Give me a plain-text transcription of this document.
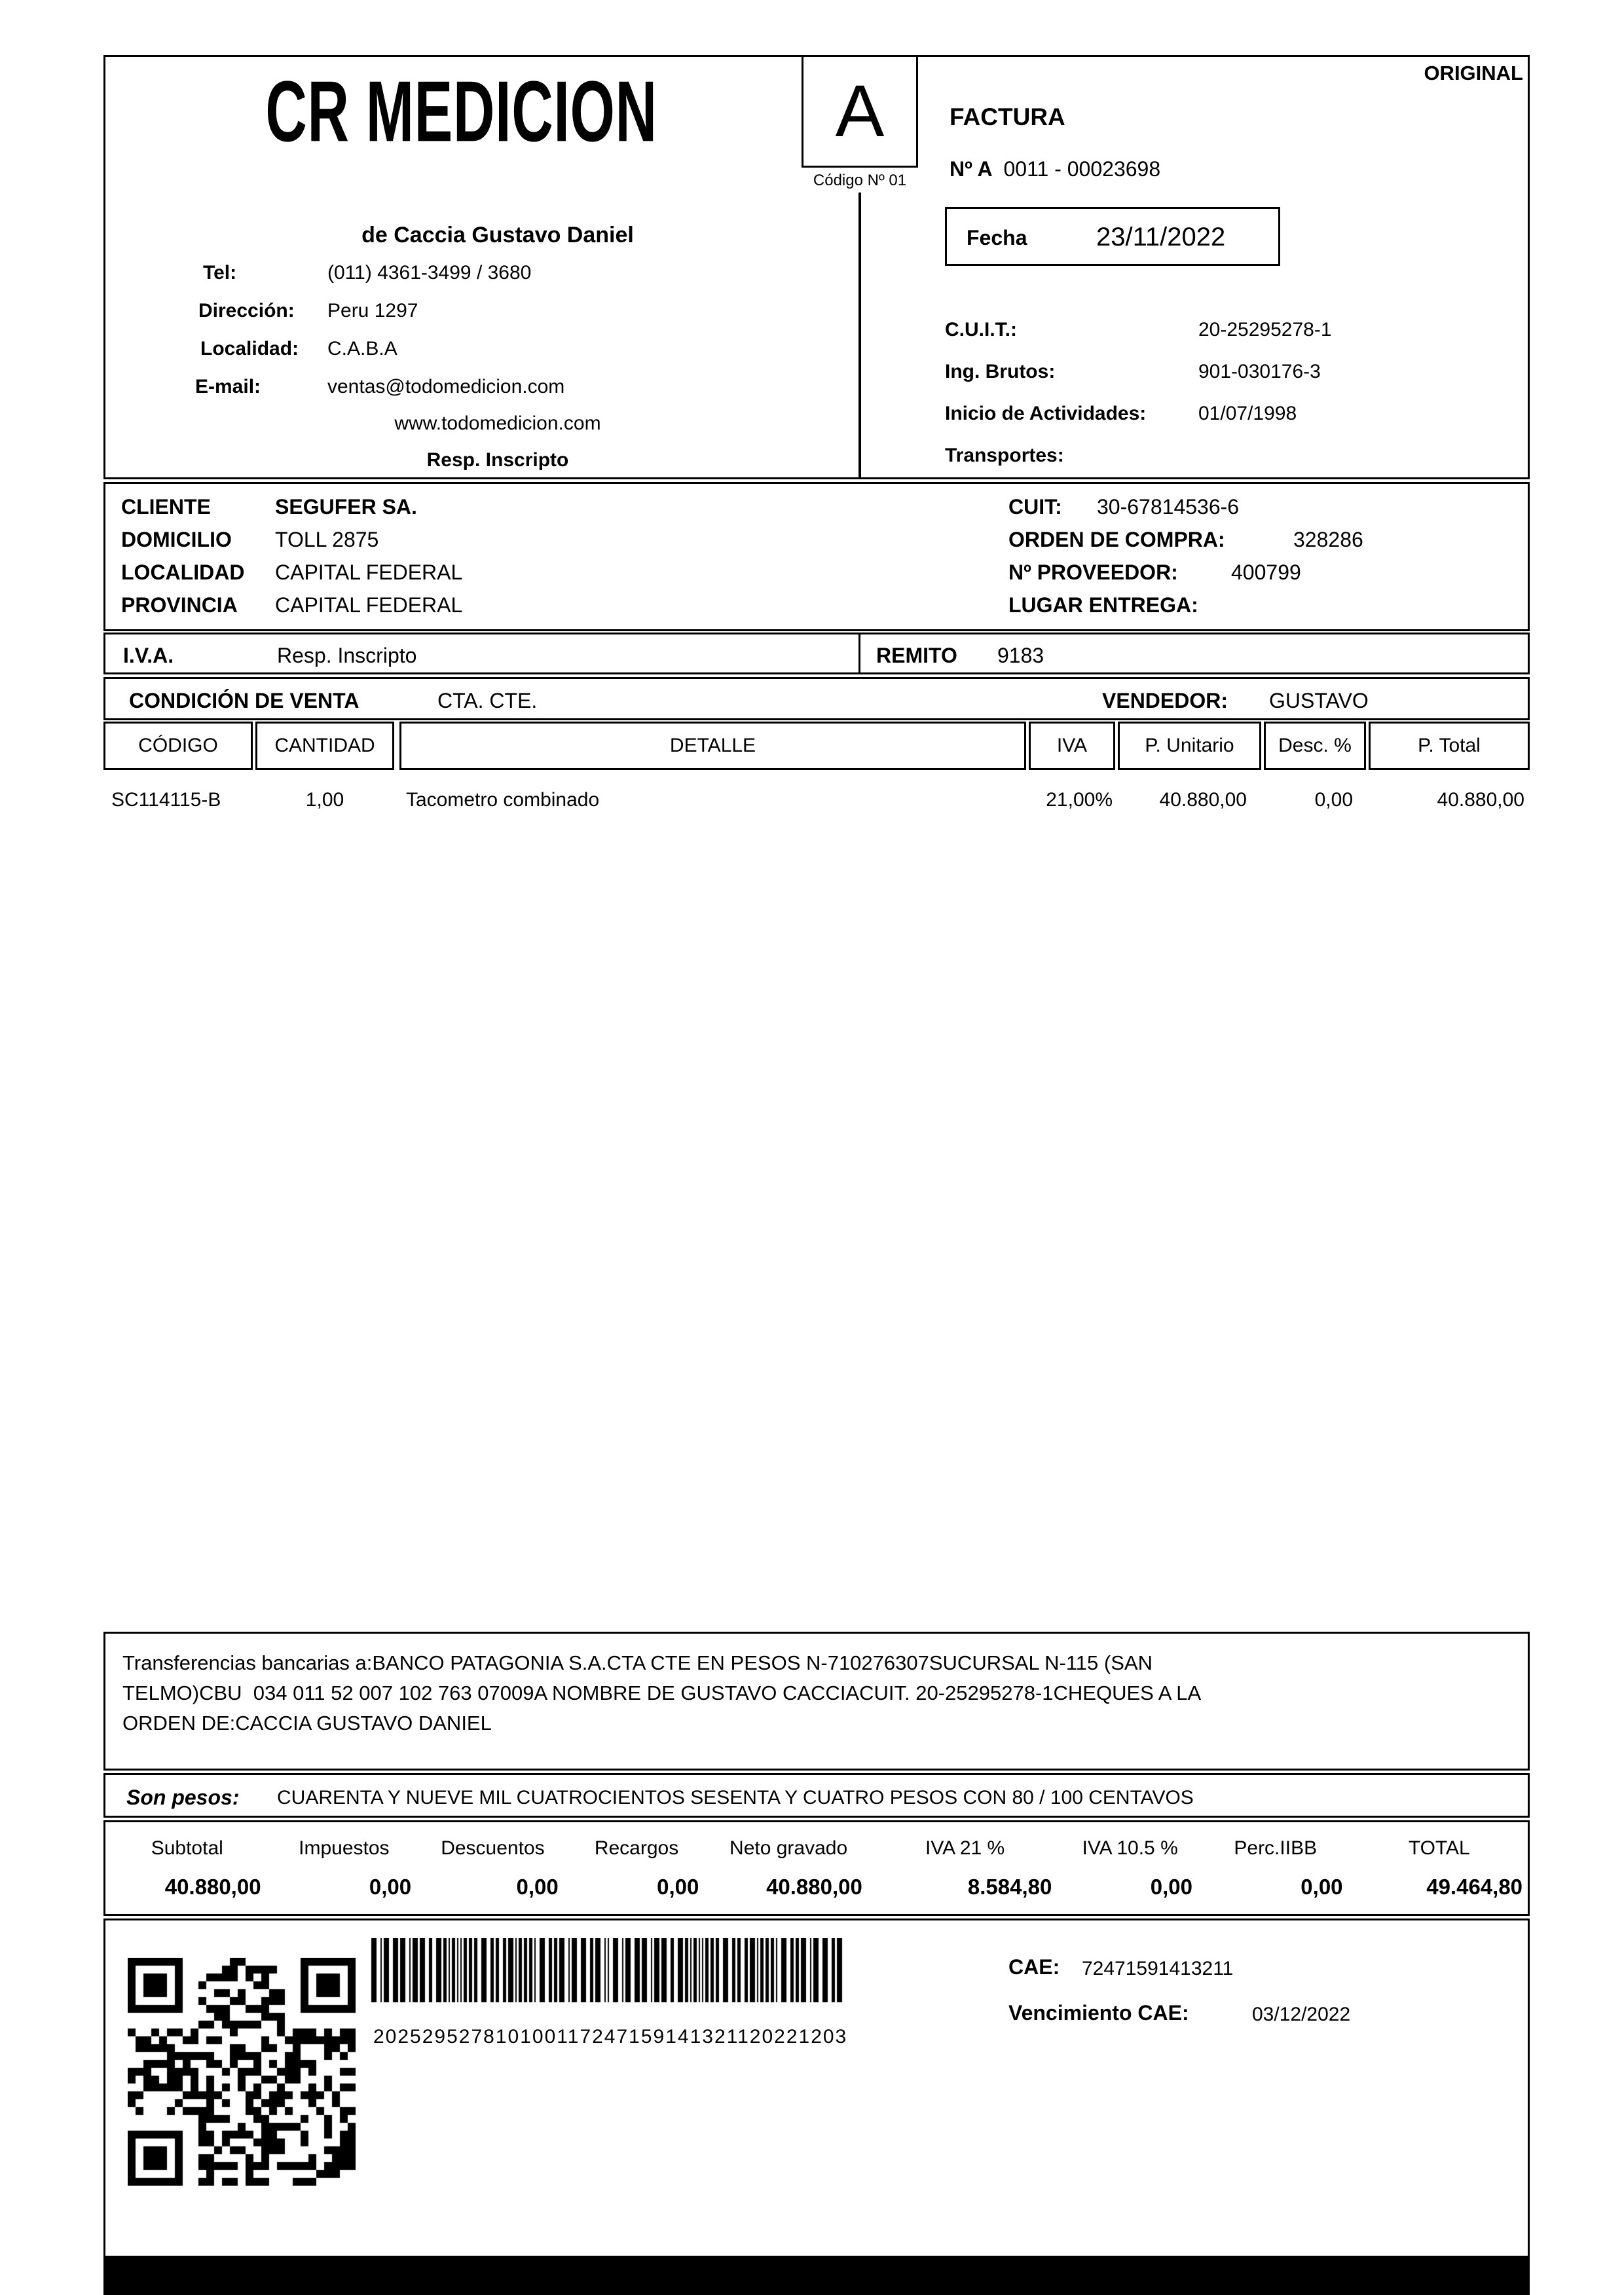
ORIGINAL
CR MEDICION A
Código Nº 01
FACTURA
Nº A 0011 - 00023698
Fecha	23/11/2022
de Caccia Gustavo Daniel
Tel:	(011) 4361-3499 / 3680
Dirección: Peru 1297
Localidad: C.A.B.A
E-mail:	ventas@todomedicion.com
www.todomedicion.com
Resp. Inscripto
C.U.I.T.:	20-25295278-1
Ing. Brutos:	901-030176-3
Inicio de Actividades:	01/07/1998
Transportes:
CLIENTE	SEGUFER SA.
DOMICILIO TOLL 2875
LOCALIDAD CAPITAL FEDERAL
PROVINCIA CAPITAL FEDERAL
CUIT: 30-67814536-6
ORDEN DE COMPRA:	328286
Nº PROVEEDOR:	400799
LUGAR ENTREGA:
I.V.A.	Resp. Inscripto	REMITO 9183
CONDICIÓN DE VENTA	CTA. CTE.	VENDEDOR: GUSTAVO
CÓDIGO	CANTIDAD	DETALLE	IVA	P. Unitario	Desc. %	P. Total
SC114115-B	1,00	Tacometro combinado	21,00%	40.880,00	0,00	40.880,00
Transferencias bancarias a:BANCO PATAGONIA S.A.CTA CTE EN PESOS N-710276307SUCURSAL N-115 (SAN
TELMO)CBU  034 011 52 007 102 763 07009A NOMBRE DE GUSTAVO CACCIACUIT. 20-25295278-1CHEQUES A LA
ORDEN DE:CACCIA GUSTAVO DANIEL
Son pesos: CUARENTA Y NUEVE MIL CUATROCIENTOS SESENTA Y CUATRO PESOS CON 80 / 100 CENTAVOS
Subtotal	Impuestos	Descuentos	Recargos	Neto gravado	IVA 21 %	IVA 10.5 %	Perc.IIBB	TOTAL
40.880,00	0,00	0,00	0,00	40.880,00	8.584,80	0,00	0,00	49.464,80
202529527810100117247159141321120221203
CAE: 72471591413211
Vencimiento CAE:	03/12/2022
